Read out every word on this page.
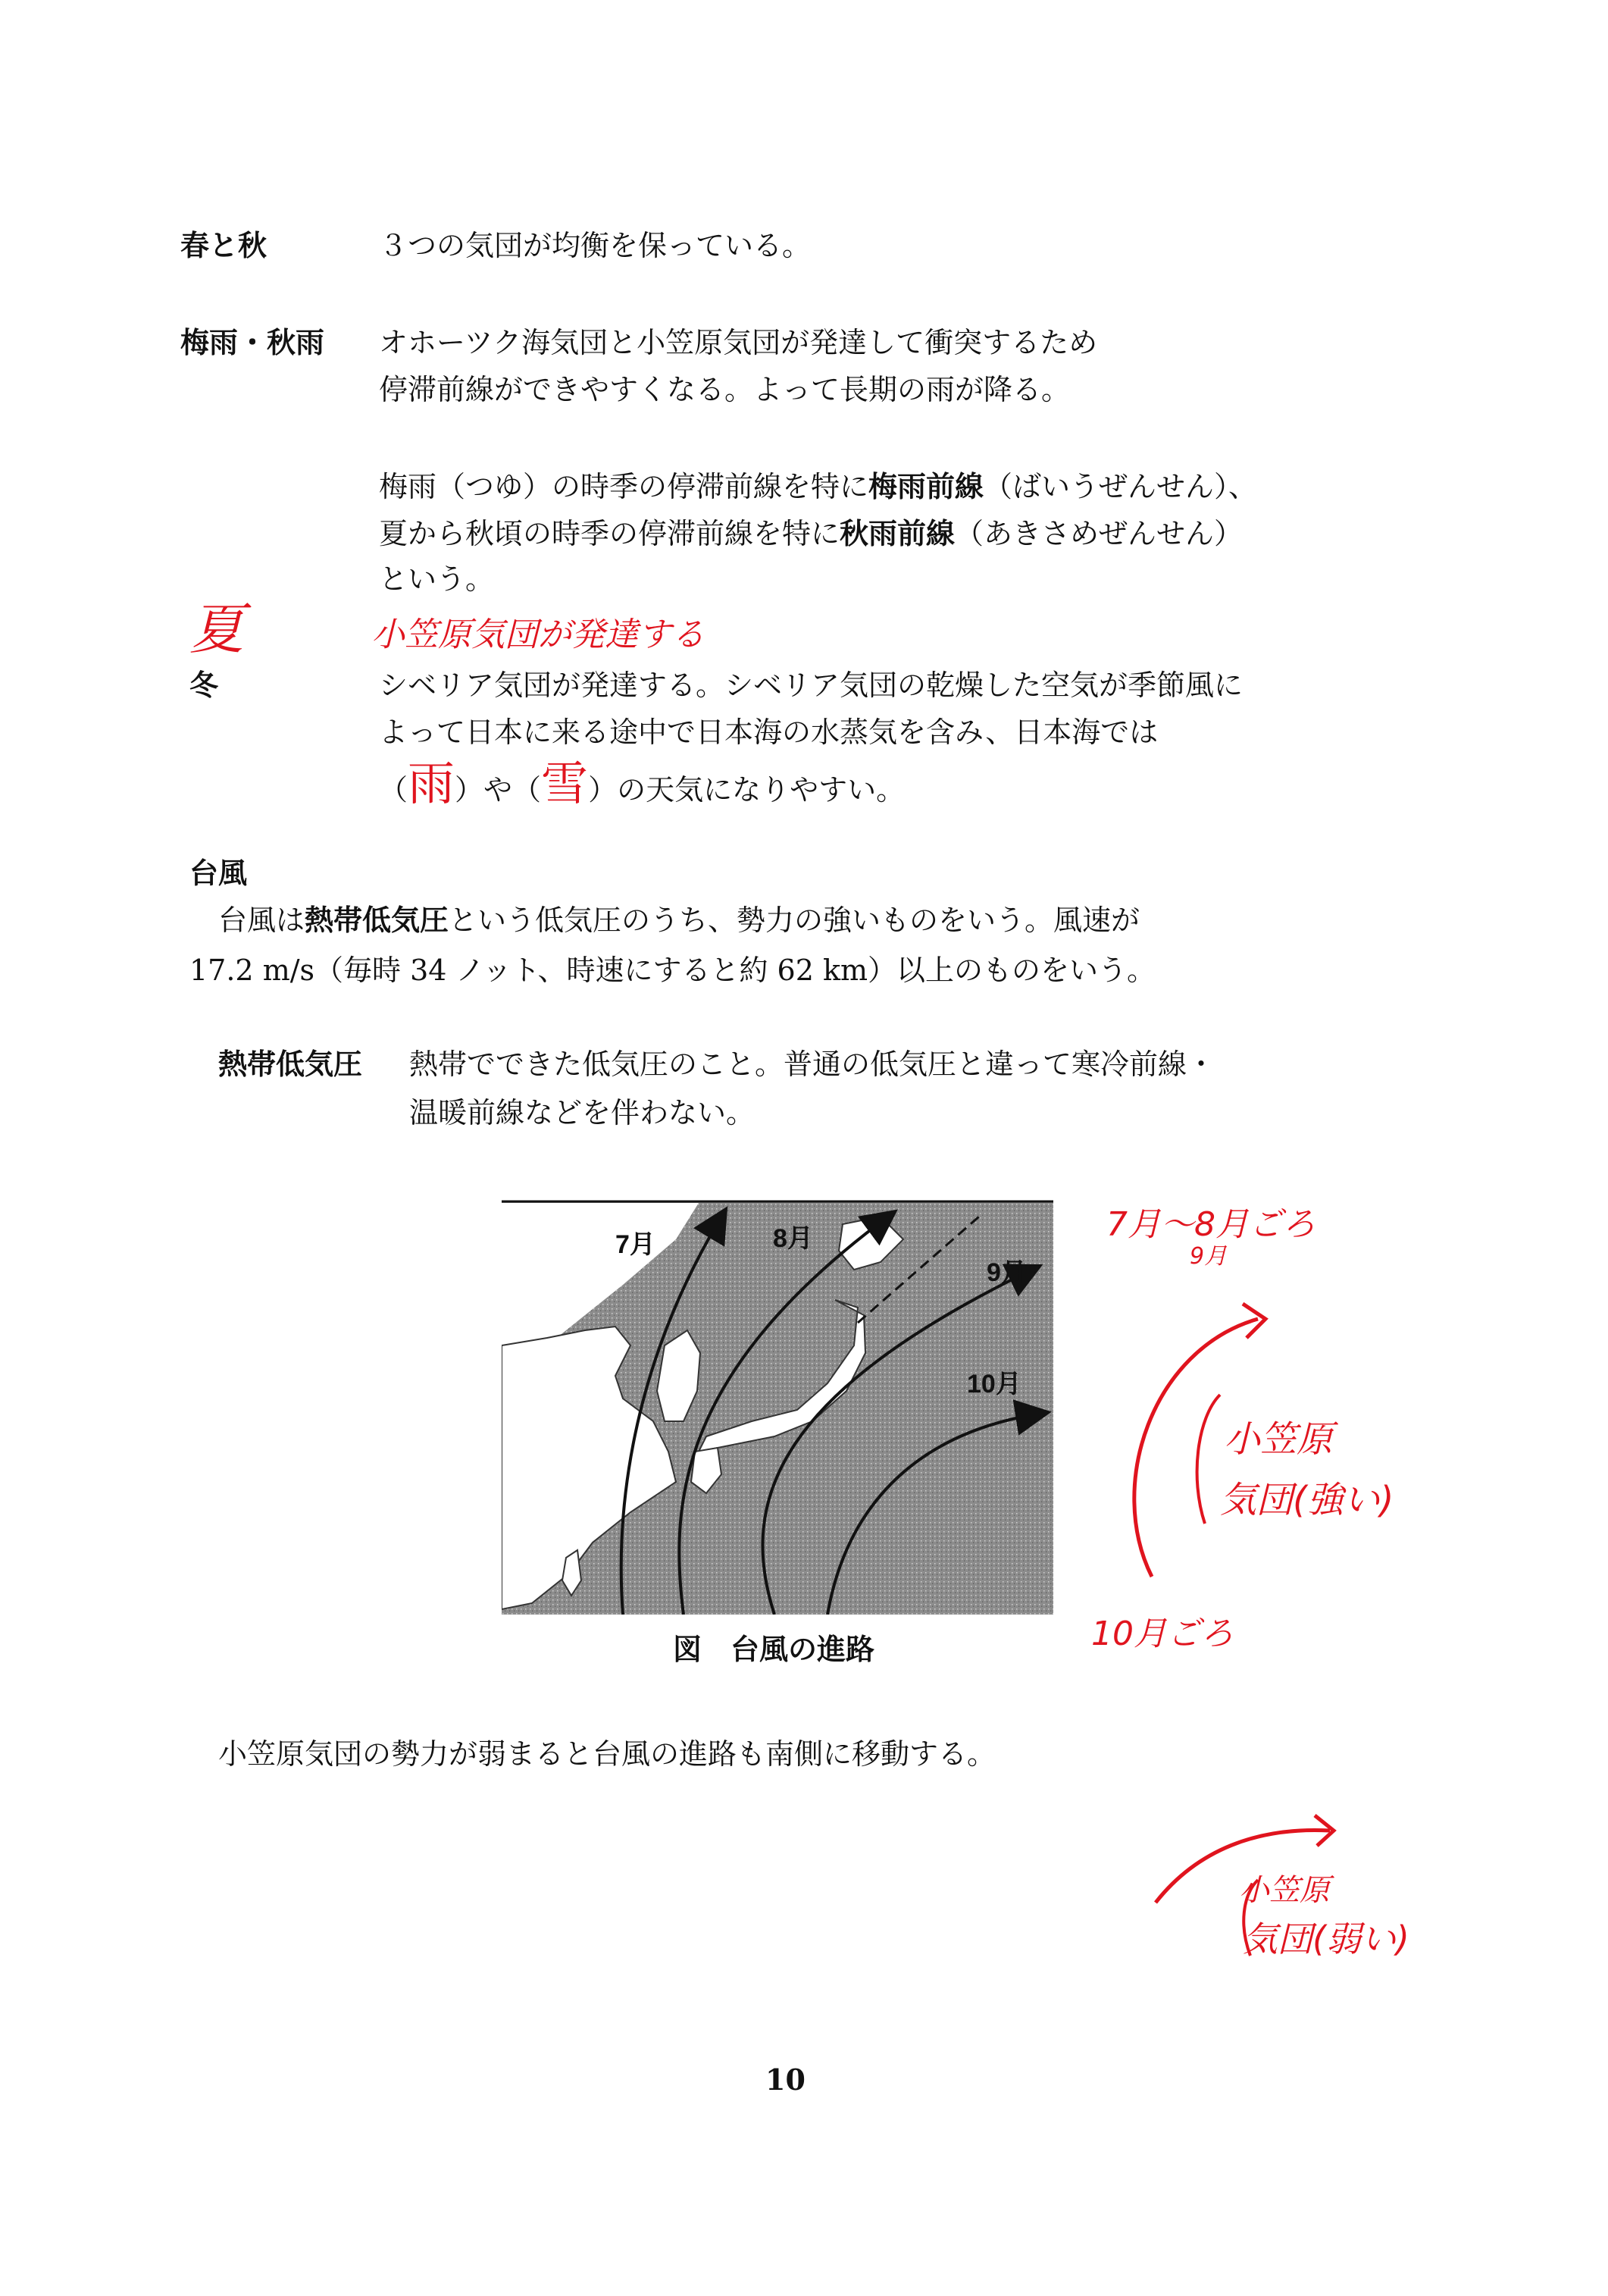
春と秋	３つの気団が均衡を保っている。
梅雨・秋雨 オホーツク海気団と小笠原気団が発達して衝突するため
停滞前線ができやすくなる。よって長期の雨が降る。
梅雨（つゆ）の時季の停滞前線を特に梅雨前線（ばいうぜんせん）、
夏から秋頃の時季の停滞前線を特に秋雨前線（あきさめぜんせん）
という。
夏	小笠原気団が発達する
冬	シベリア気団が発達する。シベリア気団の乾燥した空気が季節風に
よって日本に来る途中で日本海の水蒸気を含み、日本海では
（雨）や（雪）の天気になりやすい。
台風
台風は熱帯低気圧という低気圧のうち、勢力の強いものをいう。風速が
17.2 m/s（毎時 34 ノット、時速にすると約 62 km）以上のものをいう。
熱帯低気圧 熱帯でできた低気圧のこと。普通の低気圧と違って寒冷前線・
温暖前線などを伴わない。
7月	8月
9月
10月
図　台風の進路
7月～8月ごろ
9月
小笠原
気団(強い)
10月ごろ
小笠原気団の勢力が弱まると台風の進路も南側に移動する。
小笠原
気団(弱い)
10
